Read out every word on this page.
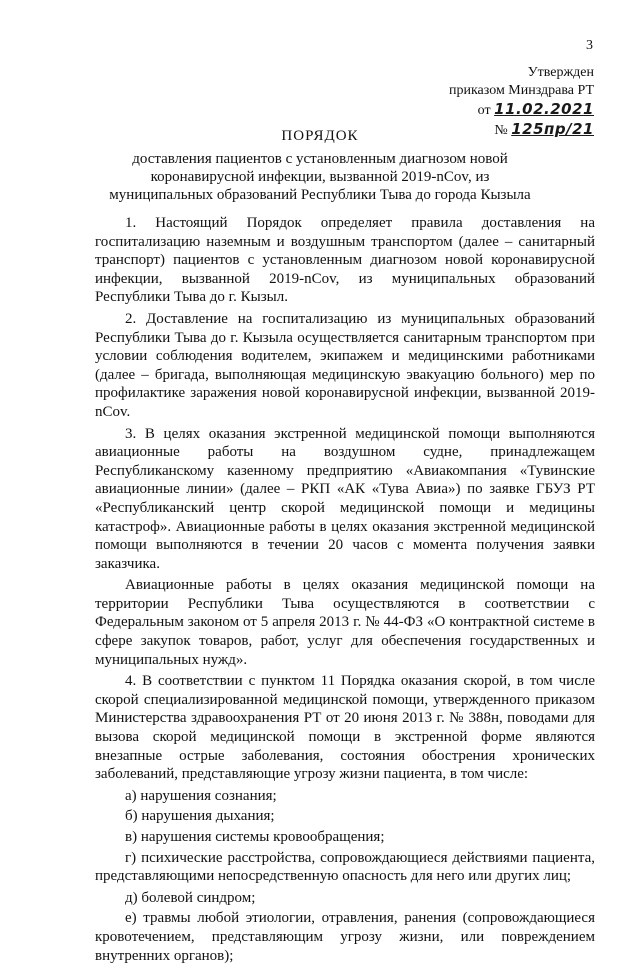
3
Утвержден
приказом Минздрава РТ
от 11.02.2021
№ 125пр/21
ПОРЯДОК
доставления пациентов с установленным диагнозом новой коронавирусной инфекции, вызванной 2019-nCov, из муниципальных образований Республики Тыва до города Кызыла

1. Настоящий Порядок определяет правила доставления на госпитализацию наземным и воздушным транспортом (далее – санитарный транспорт) пациентов с установленным диагнозом новой коронавирусной инфекции, вызванной 2019-nCov, из муниципальных образований Республики Тыва до г. Кызыл.

2. Доставление на госпитализацию из муниципальных образований Республики Тыва до г. Кызыла осуществляется санитарным транспортом при условии соблюдения водителем, экипажем и медицинскими работниками (далее – бригада, выполняющая медицинскую эвакуацию больного) мер по профилактике заражения новой коронавирусной инфекции, вызванной 2019-nCov.

3. В целях оказания экстренной медицинской помощи выполняются авиационные работы на воздушном судне, принадлежащем Республиканскому казенному предприятию «Авиакомпания «Тувинские авиационные линии» (далее – РКП «АК «Тува Авиа») по заявке ГБУЗ РТ «Республиканский центр скорой медицинской помощи и медицины катастроф». Авиационные работы в целях оказания экстренной медицинской помощи выполняются в течении 20 часов с момента получения заявки заказчика.

Авиационные работы в целях оказания медицинской помощи на территории Республики Тыва осуществляются в соответствии с Федеральным законом от 5 апреля 2013 г. № 44-ФЗ «О контрактной системе в сфере закупок товаров, работ, услуг для обеспечения государственных и муниципальных нужд».

4. В соответствии с пунктом 11 Порядка оказания скорой, в том числе скорой специализированной медицинской помощи, утвержденного приказом Министерства здравоохранения РТ от 20 июня 2013 г. № 388н, поводами для вызова скорой медицинской помощи в экстренной форме являются внезапные острые заболевания, состояния обострения хронических заболеваний, представляющие угрозу жизни пациента, в том числе:

а) нарушения сознания;

б) нарушения дыхания;

в) нарушения системы кровообращения;

г) психические расстройства, сопровождающиеся действиями пациента, представляющими непосредственную опасность для него или других лиц;

д) болевой синдром;

е) травмы любой этиологии, отравления, ранения (сопровождающиеся кровотечением, представляющим угрозу жизни, или повреждением внутренних органов);
